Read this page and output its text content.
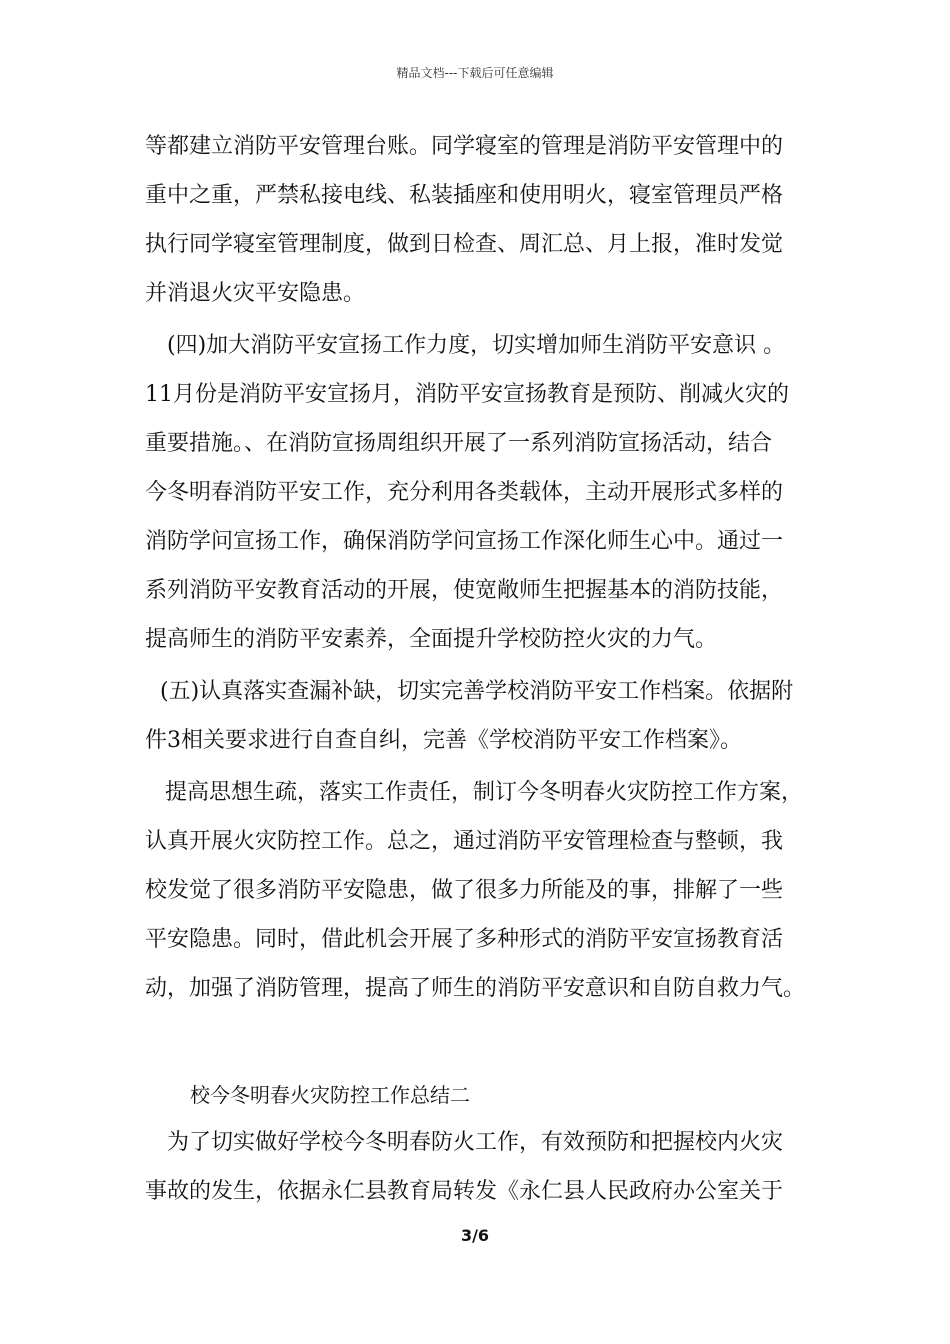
精品文档---下载后可任意编辑
等都建立消防平安管理台账。同学寝室的管理是消防平安管理中的
重中之重，严禁私接电线、私装插座和使用明火，寝室管理员严格
执行同学寝室管理制度，做到日检查、周汇总、月上报，准时发觉
并消退火灾平安隐患。
(四)加大消防平安宣扬工作力度，切实增加师生消防平安意识 。
11月份是消防平安宣扬月，消防平安宣扬教育是预防、削减火灾的
重要措施。、在消防宣扬周组织开展了一系列消防宣扬活动，结合
今冬明春消防平安工作，充分利用各类载体，主动开展形式多样的
消防学问宣扬工作，确保消防学问宣扬工作深化师生心中。通过一
系列消防平安教育活动的开展，使宽敞师生把握基本的消防技能，
提高师生的消防平安素养，全面提升学校防控火灾的力气。
(五)认真落实查漏补缺，切实完善学校消防平安工作档案。依据附
件3相关要求进行自查自纠，完善《学校消防平安工作档案》。
提高思想生疏，落实工作责任，制订今冬明春火灾防控工作方案，
认真开展火灾防控工作。总之，通过消防平安管理检查与整顿，我
校发觉了很多消防平安隐患，做了很多力所能及的事，排解了一些
平安隐患。同时，借此机会开展了多种形式的消防平安宣扬教育活
动，加强了消防管理，提高了师生的消防平安意识和自防自救力气。
校今冬明春火灾防控工作总结二
为了切实做好学校今冬明春防火工作，有效预防和把握校内火灾
事故的发生，依据永仁县教育局转发《永仁县人民政府办公室关于
3/6
